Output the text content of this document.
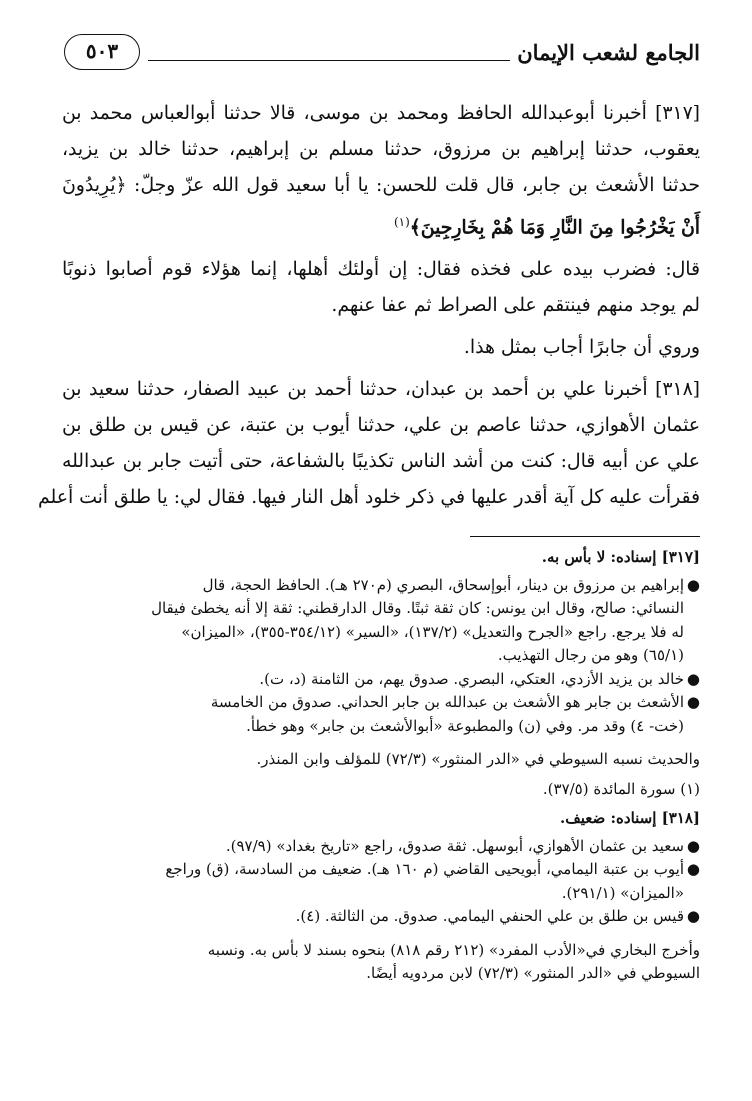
الجامع لشعب الإيمان
٥٠٣
[٣١٧] أخبرنا أبوعبدالله الحافظ ومحمد بن موسى، قالا حدثنا أبوالعباس محمد بن
يعقوب، حدثنا إبراهيم بن مرزوق، حدثنا مسلم بن إبراهيم، حدثنا خالد بن يزيد،
حدثنا الأشعث بن جابر، قال قلت للحسن: يا أبا سعيد قول الله عزّ وجلّ: ﴿يُرِيدُونَ
أَنْ يَخْرُجُوا مِنَ النَّارِ وَمَا هُمْ بِخَارِجِينَ﴾$^{(١)}$
قال: فضرب بيده على فخذه فقال: إن أولئك أهلها، إنما هؤلاء قوم أصابوا ذنوبًا
لم يوجد منهم فينتقم على الصراط ثم عفا عنهم.
وروي أن جابرًا أجاب بمثل هذا.
[٣١٨] أخبرنا علي بن أحمد بن عبدان، حدثنا أحمد بن عبيد الصفار، حدثنا سعيد بن
عثمان الأهوازي، حدثنا عاصم بن علي، حدثنا أيوب بن عتبة، عن قيس بن طلق بن
علي عن أبيه قال: كنت من أشد الناس تكذيبًا بالشفاعة، حتى أتيت جابر بن عبدالله
فقرأت عليه كل آية أقدر عليها في ذكر خلود أهل النار فيها. فقال لي: يا طلق أنت أعلم
[٣١٧] إسناده: لا بأس به.
●
إبراهيم بن مرزوق بن دينار، أبوإسحاق، البصري (م٢٧٠ هـ). الحافظ الحجة، قال
النسائي: صالح، وقال ابن يونس: كان ثقة ثبتًا. وقال الدارقطني: ثقة إلا أنه يخطئ فيقال
له فلا يرجع. راجع «الجرح والتعديل» (١٣٧/٢)، «السير» (٣٥٤/١٢-٣٥٥)، «الميزان»
(٦٥/١) وهو من رجال التهذيب.
●
خالد بن يزيد الأزدي، العتكي، البصري. صدوق يهم، من الثامنة (د، ت).
●
الأشعث بن جابر هو الأشعث بن عبدالله بن جابر الحداني. صدوق من الخامسة
(خت- ٤) وقد مر. وفي (ن) والمطبوعة «أبوالأشعث بن جابر» وهو خطأ.
والحديث نسبه السيوطي في «الدر المنثور» (٧٢/٣) للمؤلف وابن المنذر.
(١) سورة المائدة (٣٧/٥).
[٣١٨] إسناده: ضعيف.
●
سعيد بن عثمان الأهوازي، أبوسهل. ثقة صدوق، راجع «تاريخ بغداد» (٩٧/٩).
●
أيوب بن عتبة اليمامي، أبويحيى القاضي (م ١٦٠ هـ). ضعيف من السادسة، (ق) وراجع
«الميزان» (٢٩١/١).
●
قيس بن طلق بن علي الحنفي اليمامي. صدوق. من الثالثة. (٤).
وأخرج البخاري في«الأدب المفرد» (٢١٢ رقم ٨١٨) بنحوه بسند لا بأس به. ونسبه
السيوطي في «الدر المنثور» (٧٢/٣) لابن مردويه أيضًا.
